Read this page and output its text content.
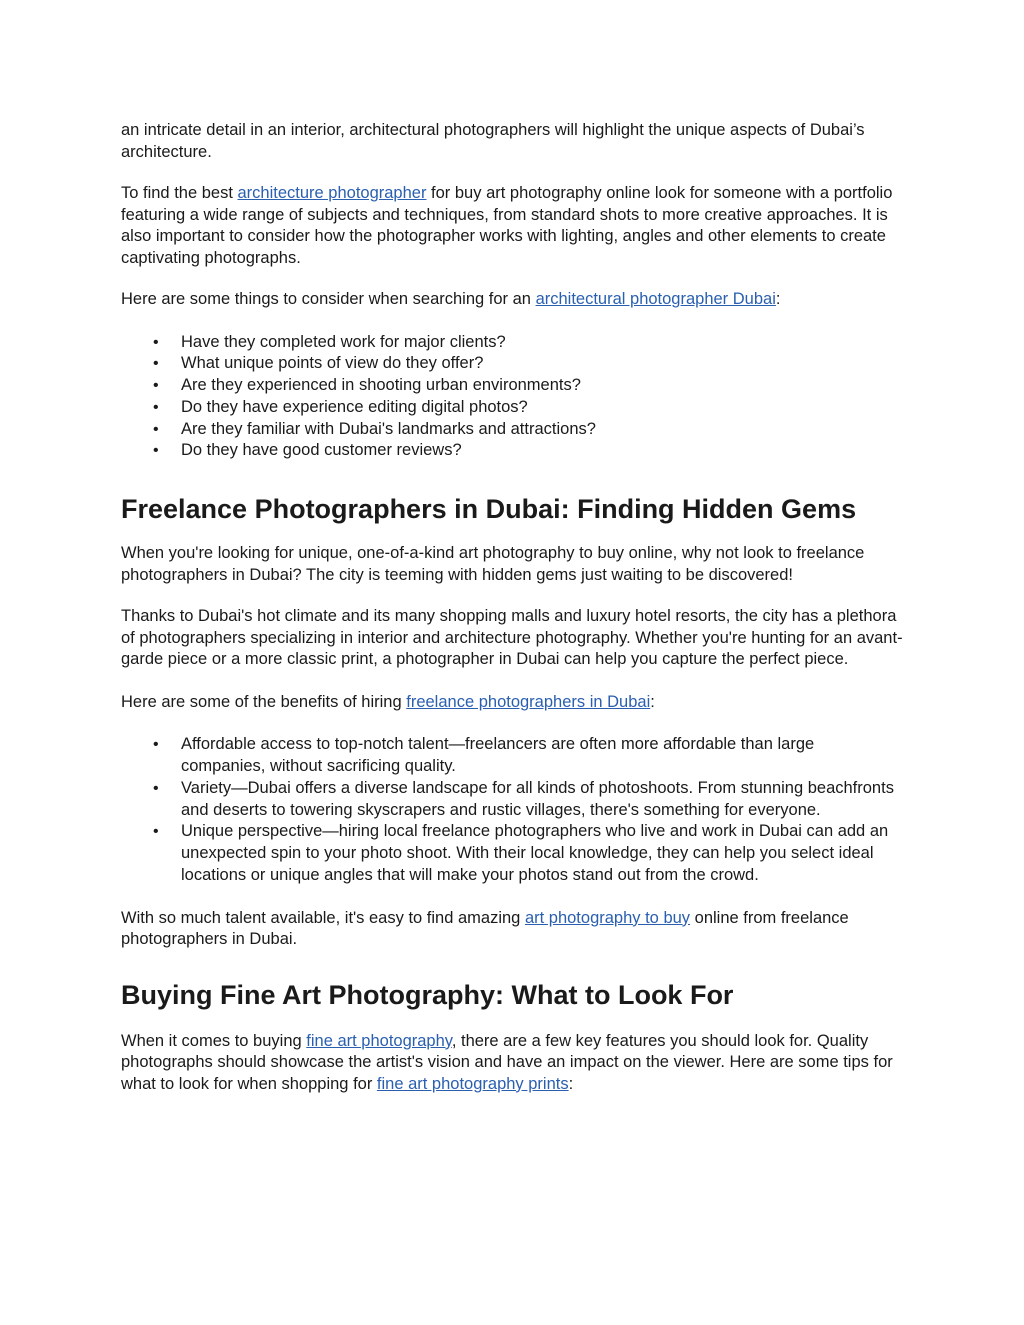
an intricate detail in an interior, architectural photographers will highlight the unique aspects of Dubai’s architecture.

To find the best architecture photographer for buy art photography online look for someone with a portfolio featuring a wide range of subjects and techniques, from standard shots to more creative approaches. It is also important to consider how the photographer works with lighting, angles and other elements to create captivating photographs.

Here are some things to consider when searching for an architectural photographer Dubai:

• Have they completed work for major clients?
• What unique points of view do they offer?
• Are they experienced in shooting urban environments?
• Do they have experience editing digital photos?
• Are they familiar with Dubai's landmarks and attractions?
• Do they have good customer reviews?
Freelance Photographers in Dubai: Finding Hidden Gems

When you're looking for unique, one-of-a-kind art photography to buy online, why not look to freelance photographers in Dubai? The city is teeming with hidden gems just waiting to be discovered!

Thanks to Dubai's hot climate and its many shopping malls and luxury hotel resorts, the city has a plethora of photographers specializing in interior and architecture photography. Whether you're hunting for an avant-garde piece or a more classic print, a photographer in Dubai can help you capture the perfect piece.

Here are some of the benefits of hiring freelance photographers in Dubai:

• Affordable access to top-notch talent—freelancers are often more affordable than large companies, without sacrificing quality.
• Variety—Dubai offers a diverse landscape for all kinds of photoshoots. From stunning beachfronts and deserts to towering skyscrapers and rustic villages, there's something for everyone.
• Unique perspective—hiring local freelance photographers who live and work in Dubai can add an unexpected spin to your photo shoot. With their local knowledge, they can help you select ideal locations or unique angles that will make your photos stand out from the crowd.

With so much talent available, it's easy to find amazing art photography to buy online from freelance photographers in Dubai.

Buying Fine Art Photography: What to Look For

When it comes to buying fine art photography, there are a few key features you should look for. Quality photographs should showcase the artist's vision and have an impact on the viewer. Here are some tips for what to look for when shopping for fine art photography prints:
